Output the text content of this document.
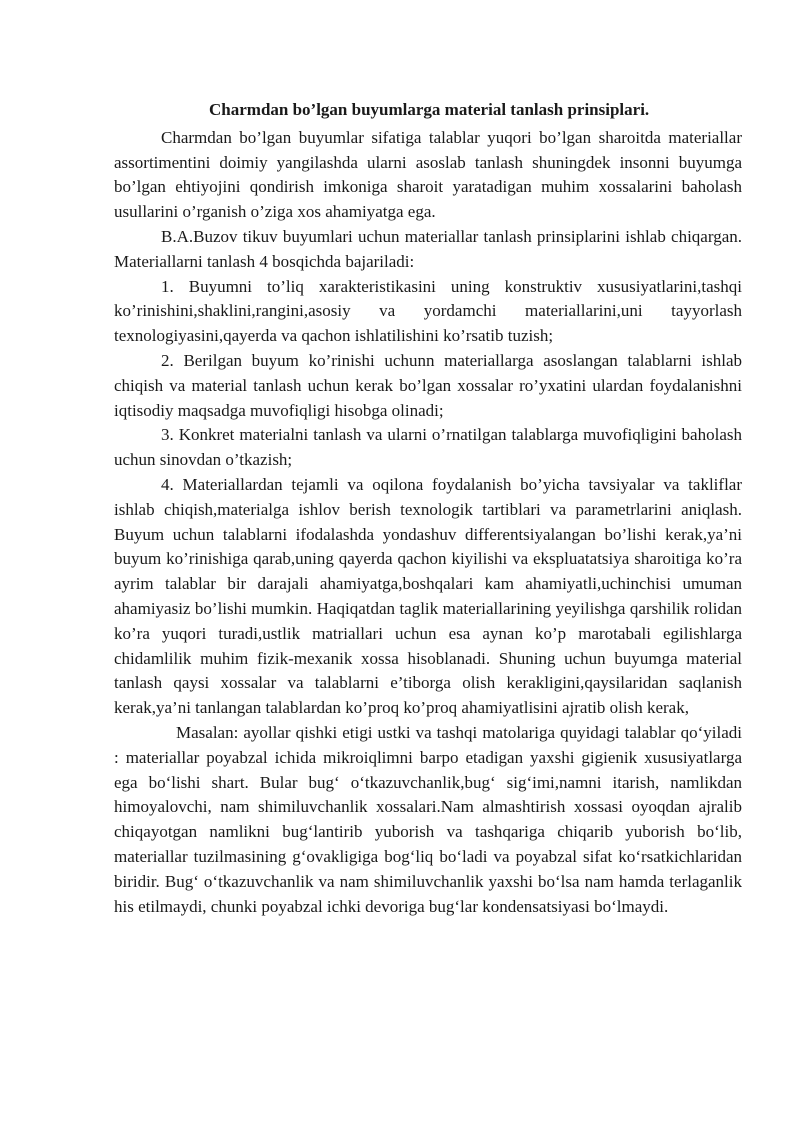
Charmdan bo’lgan buyumlarga material tanlash prinsiplari.

Charmdan bo’lgan buyumlar sifatiga talablar yuqori bo’lgan sharoitda materiallar assortimentini doimiy yangilashda ularni asoslab tanlash shuningdek insonni buyumga bo’lgan ehtiyojini qondirish imkoniga sharoit yaratadigan muhim xossalarini baholash usullarini o’rganish o’ziga xos ahamiyatga ega.

B.A.Buzov tikuv buyumlari uchun materiallar tanlash prinsiplarini ishlab chiqargan. Materiallarni tanlash 4 bosqichda bajariladi:

1. Buyumni to’liq xarakteristikasini uning konstruktiv xususiyatlarini,tashqi ko’rinishini,shaklini,rangini,asosiy va yordamchi materiallarini,uni tayyorlash texnologiyasini,qayerda va qachon ishlatilishini ko’rsatib tuzish;

2. Berilgan buyum ko’rinishi uchunn materiallarga asoslangan talablarni ishlab chiqish va material tanlash uchun kerak bo’lgan xossalar ro’yxatini ulardan foydalanishni iqtisodiy maqsadga muvofiqligi hisobga olinadi;

3. Konkret materialni tanlash va ularni o’rnatilgan talablarga muvofiqligini baholash uchun sinovdan o’tkazish;

4. Materiallardan tejamli va oqilona foydalanish bo’yicha tavsiyalar va takliflar ishlab chiqish,materialga ishlov berish texnologik tartiblari va parametrlarini aniqlash. Buyum uchun talablarni ifodalashda yondashuv differentsiyalangan bo’lishi kerak,ya’ni buyum ko’rinishiga qarab,uning qayerda qachon kiyilishi va ekspluatatsiya sharoitiga ko’ra ayrim talablar bir darajali ahamiyatga,boshqalari kam ahamiyatli,uchinchisi umuman ahamiyasiz bo’lishi mumkin. Haqiqatdan taglik materiallarining yeyilishga qarshilik rolidan ko’ra yuqori turadi,ustlik matriallari uchun esa aynan ko’p marotabali egilishlarga chidamlilik muhim fizik-mexanik xossa hisoblanadi. Shuning uchun buyumga material tanlash qaysi xossalar va talablarni e’tiborga olish kerakligini,qaysilaridan saqlanish kerak,ya’ni tanlangan talablardan ko’proq ko’proq ahamiyatlisini ajratib olish kerak,

Masalan: ayollar qishki etigi ustki va tashqi matolariga quyidagi talablar qo‘yiladi : materiallar poyabzal ichida mikroiqlimni barpo etadigan yaxshi gigienik xususiyatlarga ega bo‘lishi shart. Bular bug‘ o‘tkazuvchanlik,bug‘ sig‘imi,namni itarish, namlikdan himoyalovchi, nam shimiluvchanlik xossalari.Nam almashtirish xossasi oyoqdan ajralib chiqayotgan namlikni bug‘lantirib yuborish va tashqariga chiqarib yuborish bo‘lib, materiallar tuzilmasining g‘ovakligiga bog‘liq bo‘ladi va poyabzal sifat ko‘rsatkichlaridan biridir. Bug‘ o‘tkazuvchanlik va nam shimiluvchanlik yaxshi bo‘lsa nam hamda terlaganlik his etilmaydi, chunki poyabzal ichki devoriga bug‘lar kondensatsiyasi bo‘lmaydi.
